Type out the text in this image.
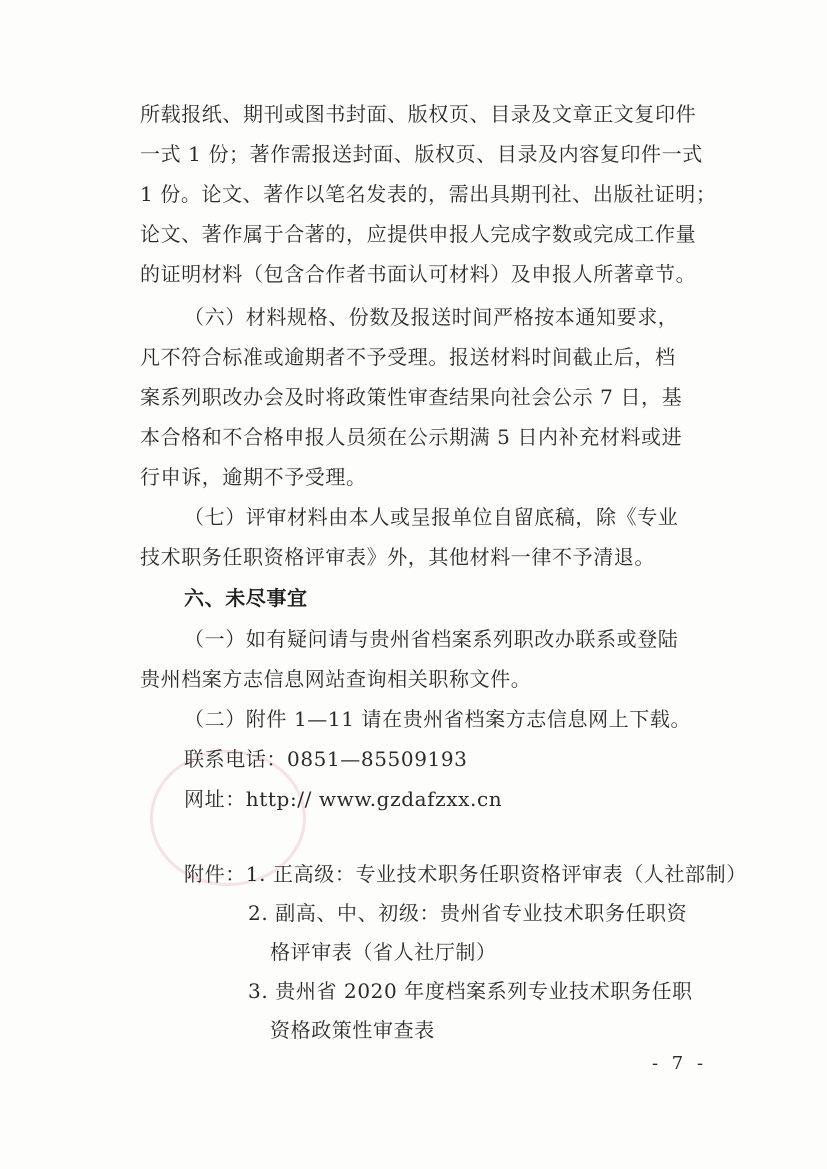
所载报纸、期刊或图书封面、版权页、目录及文章正文复印件
一式 1 份；著作需报送封面、版权页、目录及内容复印件一式
1 份。论文、著作以笔名发表的，需出具期刊社、出版社证明；
论文、著作属于合著的，应提供申报人完成字数或完成工作量
的证明材料（包含合作者书面认可材料）及申报人所著章节。
（六）材料规格、份数及报送时间严格按本通知要求，
凡不符合标准或逾期者不予受理。报送材料时间截止后，档
案系列职改办会及时将政策性审查结果向社会公示 7 日，基
本合格和不合格申报人员须在公示期满 5 日内补充材料或进
行申诉，逾期不予受理。
（七）评审材料由本人或呈报单位自留底稿，除《专业
技术职务任职资格评审表》外，其他材料一律不予清退。
六、未尽事宜
（一）如有疑问请与贵州省档案系列职改办联系或登陆
贵州档案方志信息网站查询相关职称文件。
（二）附件 1—11 请在贵州省档案方志信息网上下载。
联系电话：0851—85509193
网址：http:// www.gzdafzxx.cn
附件：1. 正高级：专业技术职务任职资格评审表（人社部制）
2. 副高、中、初级：贵州省专业技术职务任职资
格评审表（省人社厅制）
3. 贵州省 2020 年度档案系列专业技术职务任职
资格政策性审查表
- 7 -
